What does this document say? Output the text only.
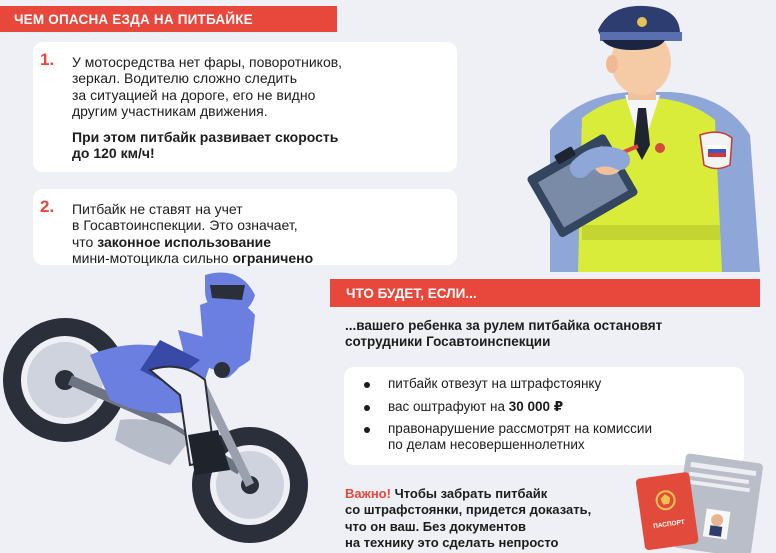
ЧЕМ ОПАСНА ЕЗДА НА ПИТБАЙКЕ
1. У мотосредства нет фары, поворотников,
зеркал. Водителю сложно следить
за ситуацией на дороге, его не видно
другим участникам движения.
При этом питбайк развивает скорость
до 120 км/ч!
2. Питбайк не ставят на учет
в Госавтоинспекции. Это означает,
что законное использование
мини-мотоцикла сильно ограничено
ЧТО БУДЕТ, ЕСЛИ...
...вашего ребенка за рулем питбайка остановят
сотрудники Госавтоинспекции
питбайк отвезут на штрафстоянку
вас оштрафуют на 30 000 ₽
правонарушение рассмотрят на комиссии
по делам несовершеннолетних
Важно! Чтобы забрать питбайк
со штрафстоянки, придется доказать,
что он ваш. Без документов
на технику это сделать непросто
ПАСПОРТ
